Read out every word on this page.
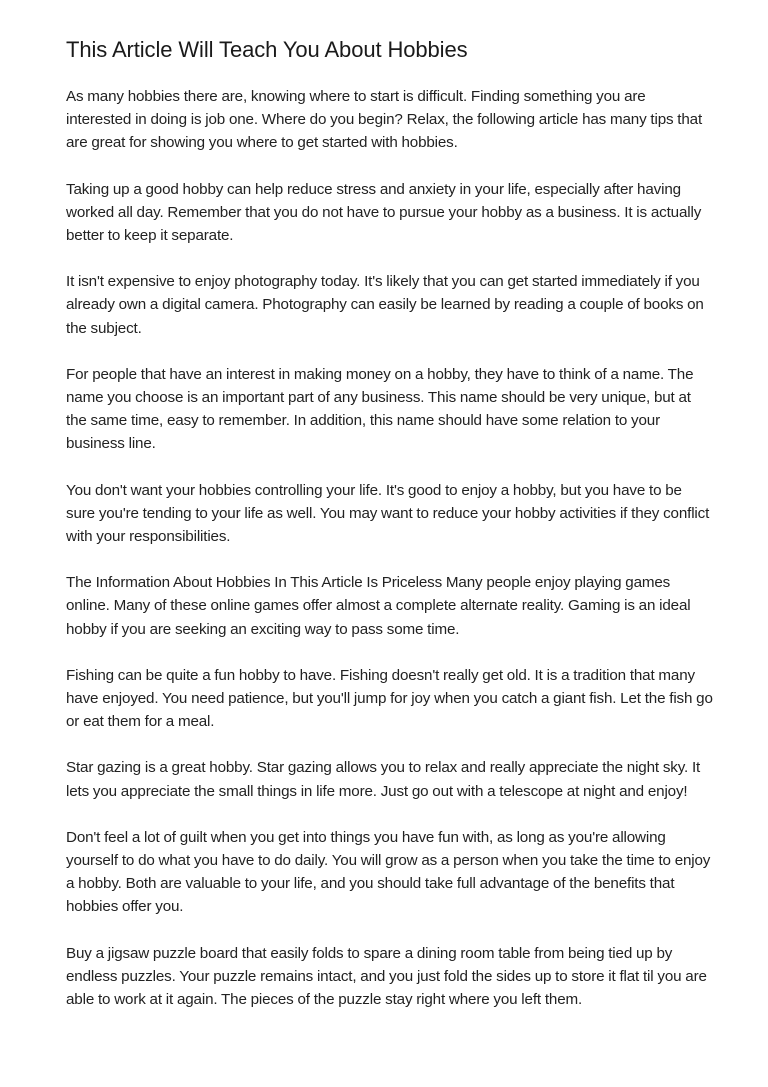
This Article Will Teach You About Hobbies

As many hobbies there are, knowing where to start is difficult. Finding something you are interested in doing is job one. Where do you begin? Relax, the following article has many tips that are great for showing you where to get started with hobbies.

Taking up a good hobby can help reduce stress and anxiety in your life, especially after having worked all day. Remember that you do not have to pursue your hobby as a business. It is actually better to keep it separate.

It isn't expensive to enjoy photography today. It's likely that you can get started immediately if you already own a digital camera. Photography can easily be learned by reading a couple of books on the subject.

For people that have an interest in making money on a hobby, they have to think of a name. The name you choose is an important part of any business. This name should be very unique, but at the same time, easy to remember. In addition, this name should have some relation to your business line.

You don't want your hobbies controlling your life. It's good to enjoy a hobby, but you have to be sure you're tending to your life as well. You may want to reduce your hobby activities if they conflict with your responsibilities.

The Information About Hobbies In This Article Is Priceless Many people enjoy playing games online. Many of these online games offer almost a complete alternate reality. Gaming is an ideal hobby if you are seeking an exciting way to pass some time.

Fishing can be quite a fun hobby to have. Fishing doesn't really get old. It is a tradition that many have enjoyed. You need patience, but you'll jump for joy when you catch a giant fish. Let the fish go or eat them for a meal.

Star gazing is a great hobby. Star gazing allows you to relax and really appreciate the night sky. It lets you appreciate the small things in life more. Just go out with a telescope at night and enjoy!

Don't feel a lot of guilt when you get into things you have fun with, as long as you're allowing yourself to do what you have to do daily. You will grow as a person when you take the time to enjoy a hobby. Both are valuable to your life, and you should take full advantage of the benefits that hobbies offer you.

Buy a jigsaw puzzle board that easily folds to spare a dining room table from being tied up by endless puzzles. Your puzzle remains intact, and you just fold the sides up to store it flat til you are able to work at it again. The pieces of the puzzle stay right where you left them.
